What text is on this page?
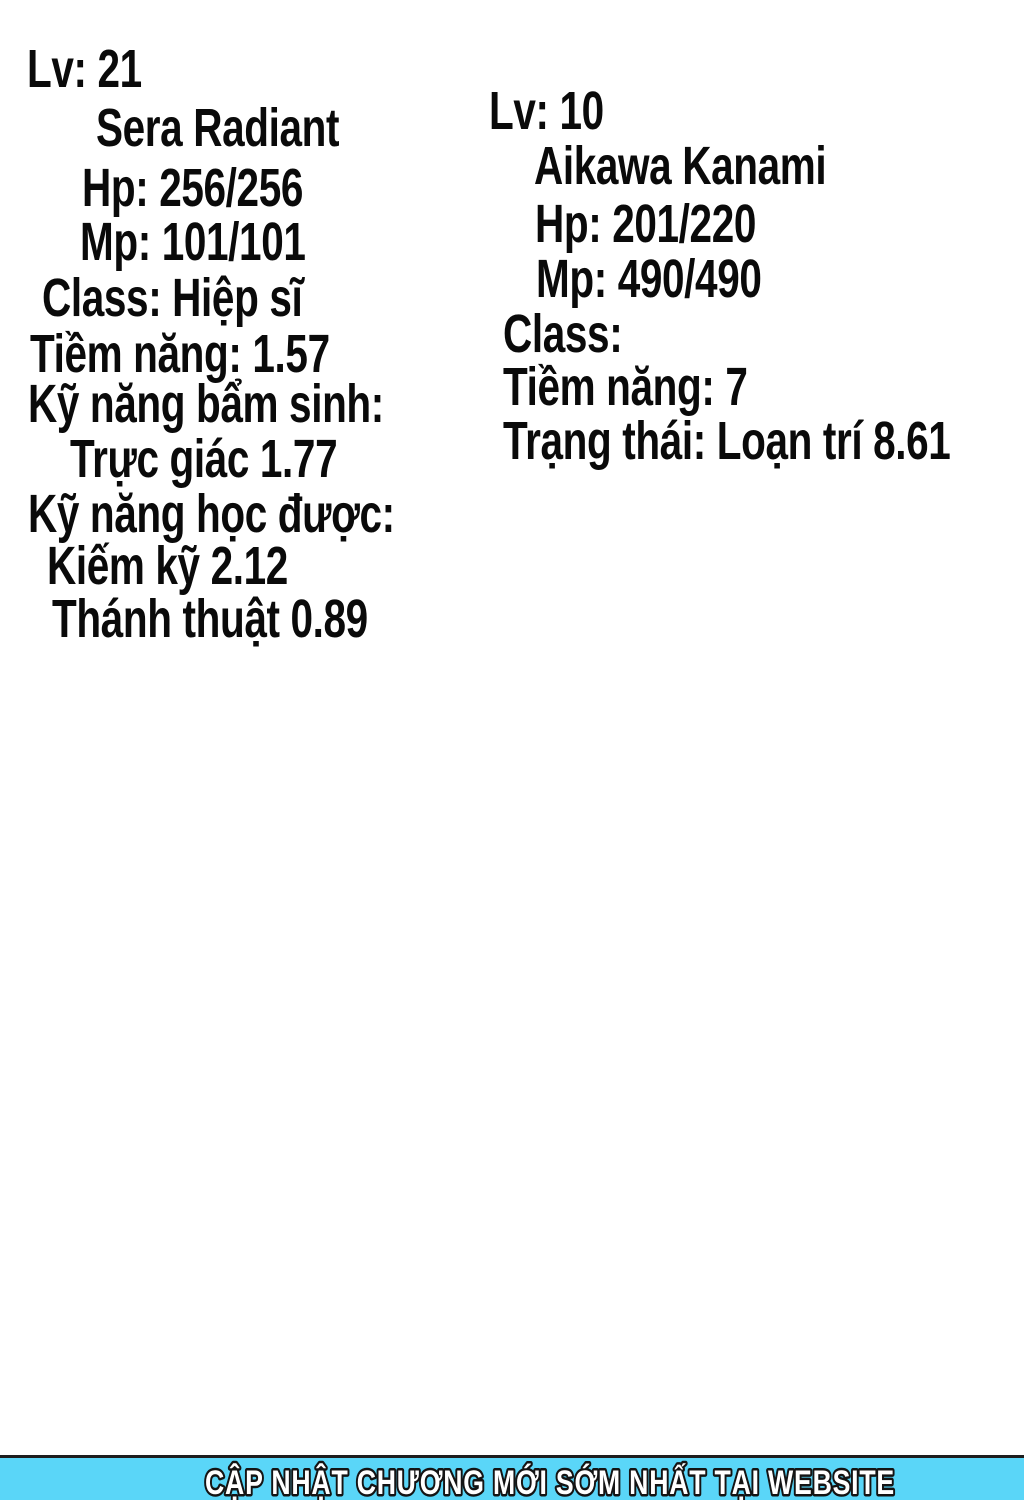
Lv: 21
Sera Radiant
Hp: 256/256
Mp: 101/101
Class: Hiệp sĩ
Tiềm năng: 1.57
Kỹ năng bẩm sinh:
Trực giác 1.77
Kỹ năng học được:
Kiếm kỹ 2.12
Thánh thuật 0.89
Lv: 10
Aikawa Kanami
Hp: 201/220
Mp: 490/490
Class:
Tiềm năng: 7
Trạng thái: Loạn trí 8.61
CẬP NHẬT CHƯƠNG MỚI SỚM NHẤT TẠI WEBSITE
